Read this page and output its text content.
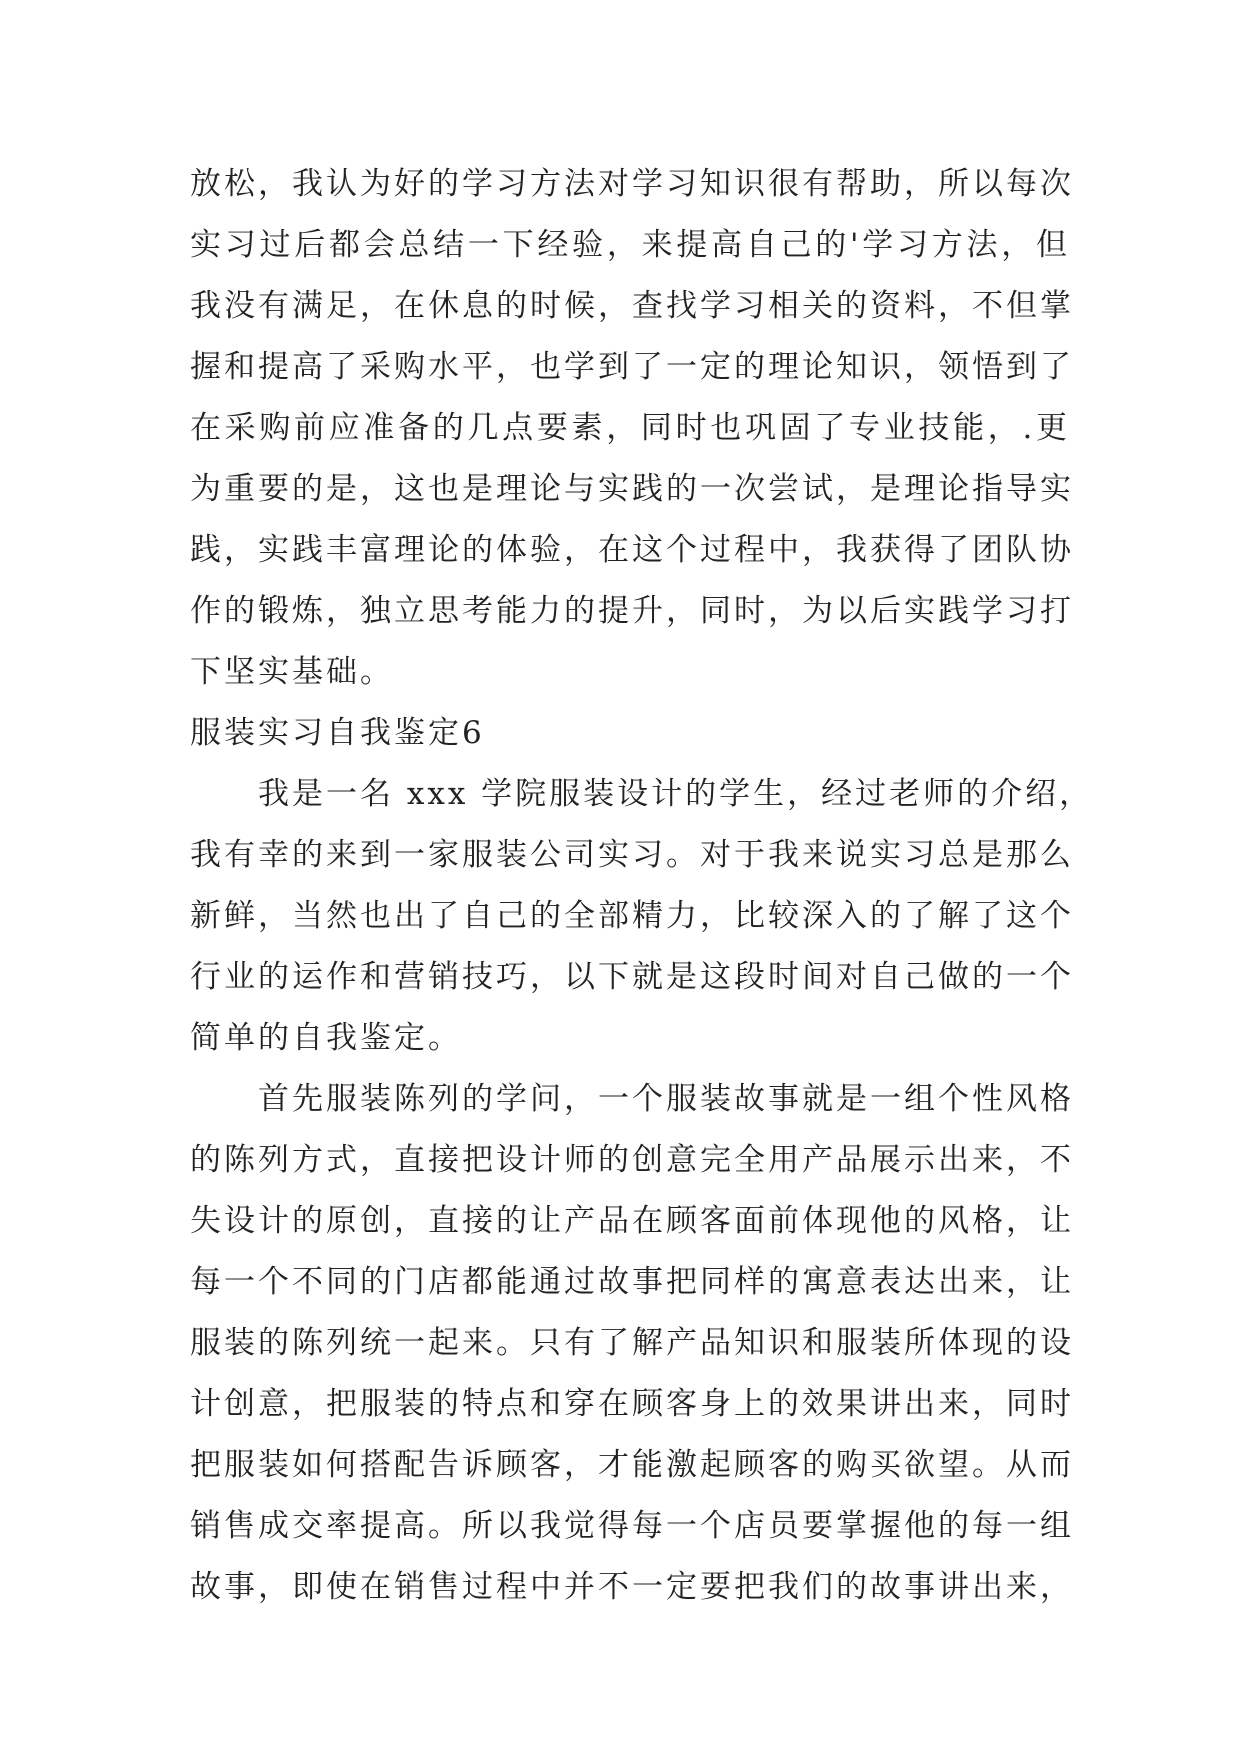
放松，我认为好的学习方法对学习知识很有帮助，所以每次
实习过后都会总结一下经验，来提高自己的'学习方法，但
我没有满足，在休息的时候，查找学习相关的资料，不但掌
握和提高了采购水平，也学到了一定的理论知识，领悟到了
在采购前应准备的几点要素，同时也巩固了专业技能，.更
为重要的是，这也是理论与实践的一次尝试，是理论指导实
践，实践丰富理论的体验，在这个过程中，我获得了团队协
作的锻炼，独立思考能力的提升，同时，为以后实践学习打
下坚实基础。
服装实习自我鉴定6
我是一名 xxx 学院服装设计的学生，经过老师的介绍，
我有幸的来到一家服装公司实习。对于我来说实习总是那么
新鲜，当然也出了自己的全部精力，比较深入的了解了这个
行业的运作和营销技巧，以下就是这段时间对自己做的一个
简单的自我鉴定。
首先服装陈列的学问，一个服装故事就是一组个性风格
的陈列方式，直接把设计师的创意完全用产品展示出来，不
失设计的原创，直接的让产品在顾客面前体现他的风格，让
每一个不同的门店都能通过故事把同样的寓意表达出来，让
服装的陈列统一起来。只有了解产品知识和服装所体现的设
计创意，把服装的特点和穿在顾客身上的效果讲出来，同时
把服装如何搭配告诉顾客，才能激起顾客的购买欲望。从而
销售成交率提高。所以我觉得每一个店员要掌握他的每一组
故事，即使在销售过程中并不一定要把我们的故事讲出来，
